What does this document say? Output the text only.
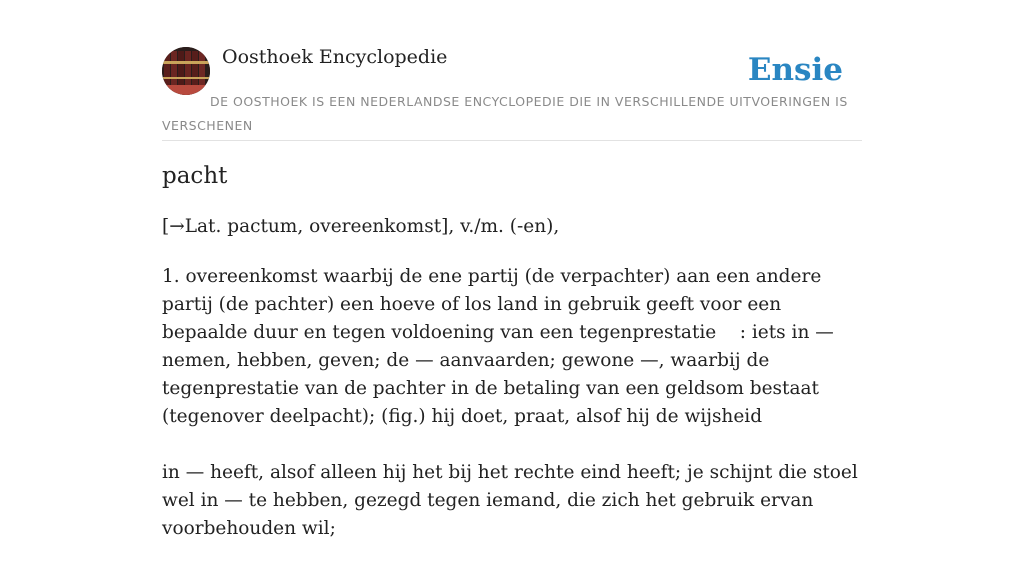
Oosthoek Encyclopedie	Ensie
DE OOSTHOEK IS EEN NEDERLANDSE ENCYCLOPEDIE DIE IN VERSCHILLENDE UITVOERINGEN IS VERSCHENEN
pacht
[→Lat. pactum, overeenkomst], v./m. (-en),

1. overeenkomst waarbij de ene partij (de verpachter) aan een andere partij (de pachter) een hoeve of los land in gebruik geeft voor een bepaalde duur en tegen voldoening van een tegenprestatie    : iets in — nemen, hebben, geven; de — aanvaarden; gewone —, waarbij de tegenprestatie van de pachter in de betaling van een geldsom bestaat (tegenover deelpacht); (fig.) hij doet, praat, alsof hij de wijsheid

in — heeft, alsof alleen hij het bij het rechte eind heeft; je schijnt die stoel wel in — te hebben, gezegd tegen iemand, die zich het gebruik ervan voorbehouden wil;
